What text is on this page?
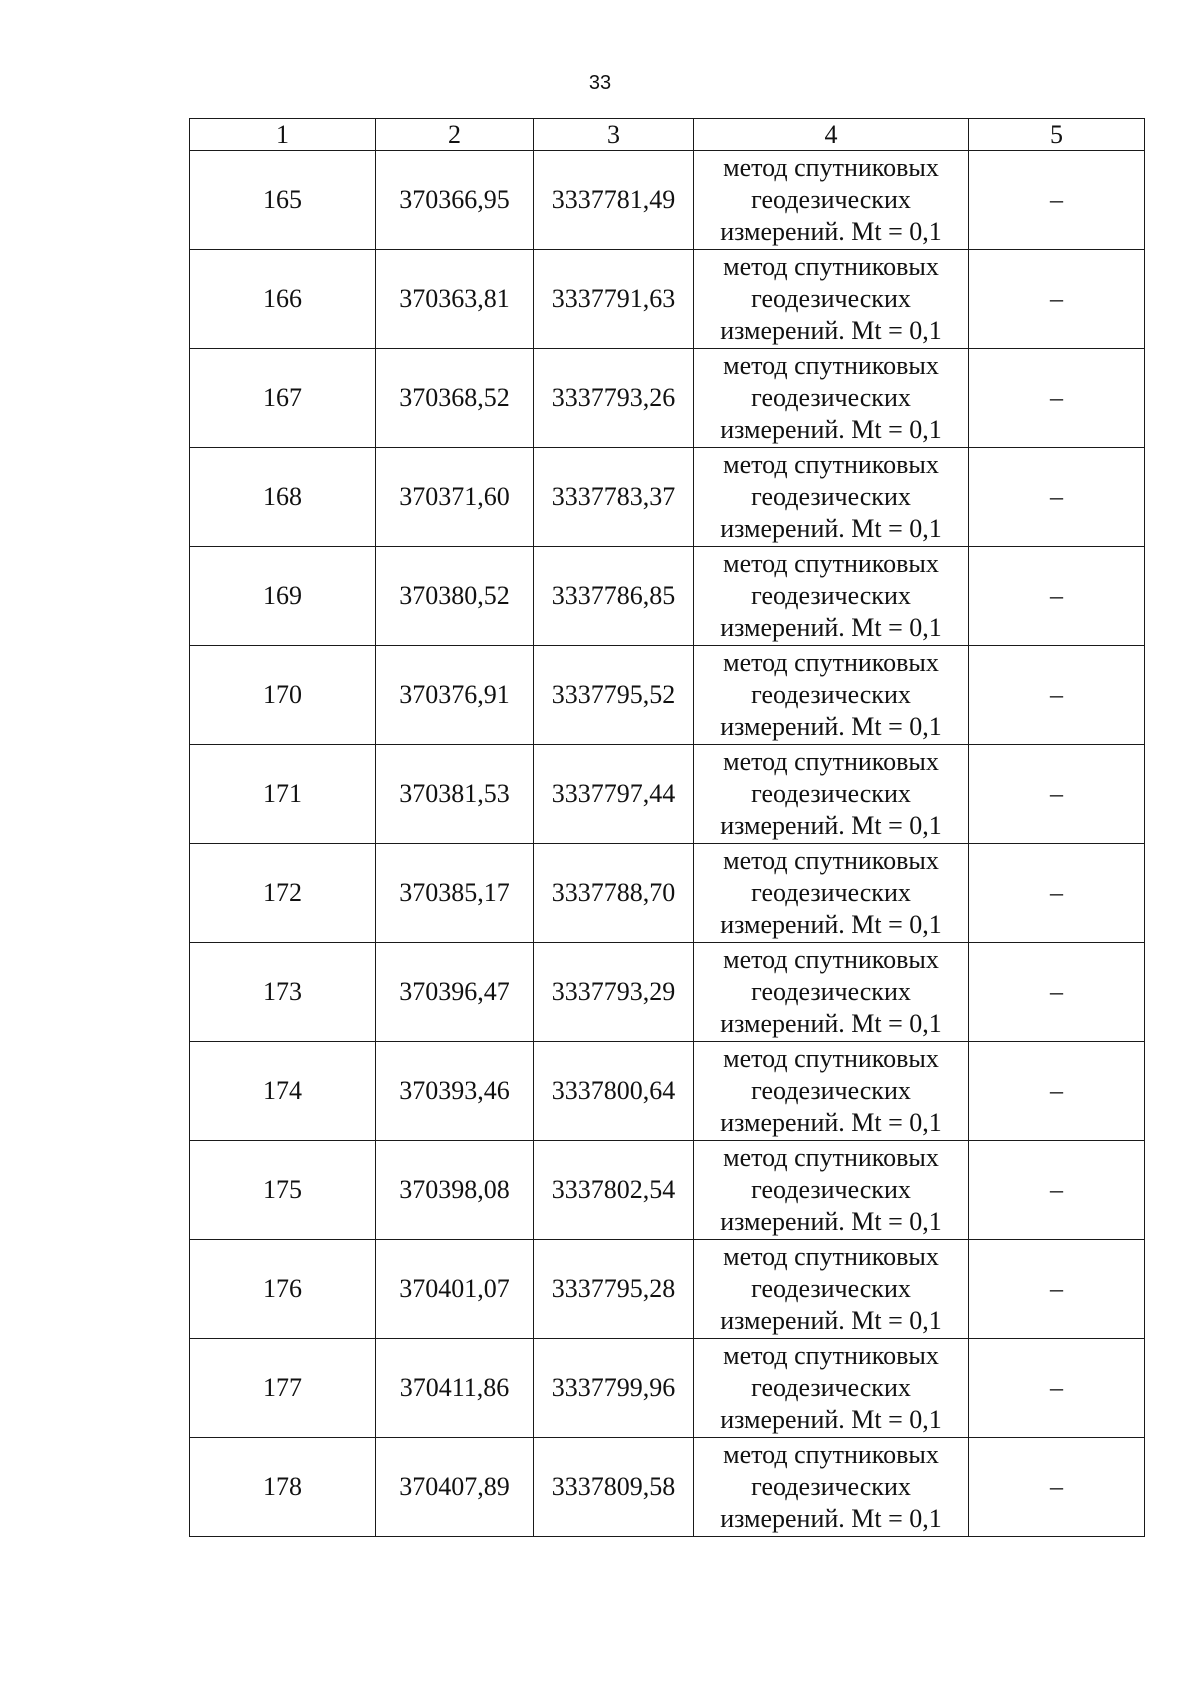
33
1	2	3	4	5
165	370366,95	3337781,49	метод спутниковых
геодезических
измерений. Mt = 0,1	–
166	370363,81	3337791,63	метод спутниковых
геодезических
измерений. Mt = 0,1	–
167	370368,52	3337793,26	метод спутниковых
геодезических
измерений. Mt = 0,1	–
168	370371,60	3337783,37	метод спутниковых
геодезических
измерений. Mt = 0,1	–
169	370380,52	3337786,85	метод спутниковых
геодезических
измерений. Mt = 0,1	–
170	370376,91	3337795,52	метод спутниковых
геодезических
измерений. Mt = 0,1	–
171	370381,53	3337797,44	метод спутниковых
геодезических
измерений. Mt = 0,1	–
172	370385,17	3337788,70	метод спутниковых
геодезических
измерений. Mt = 0,1	–
173	370396,47	3337793,29	метод спутниковых
геодезических
измерений. Mt = 0,1	–
174	370393,46	3337800,64	метод спутниковых
геодезических
измерений. Mt = 0,1	–
175	370398,08	3337802,54	метод спутниковых
геодезических
измерений. Mt = 0,1	–
176	370401,07	3337795,28	метод спутниковых
геодезических
измерений. Mt = 0,1	–
177	370411,86	3337799,96	метод спутниковых
геодезических
измерений. Mt = 0,1	–
178	370407,89	3337809,58	метод спутниковых
геодезических
измерений. Mt = 0,1	–
